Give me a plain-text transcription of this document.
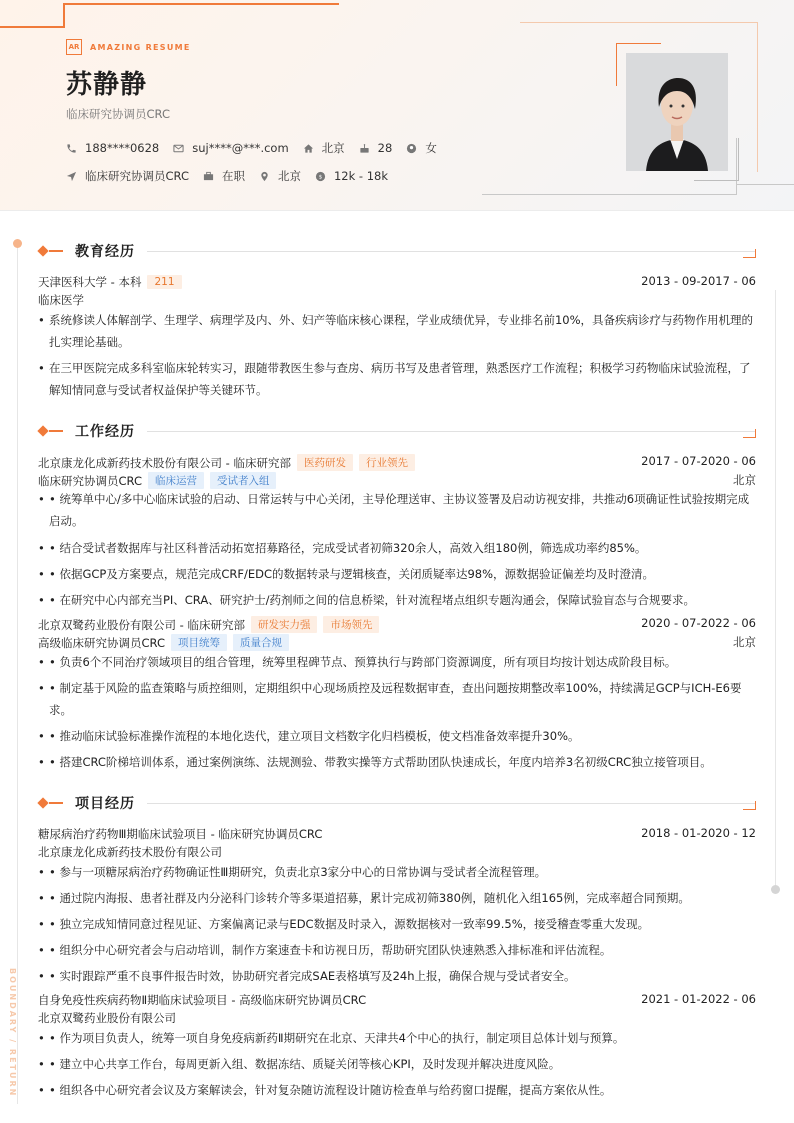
AR	AMAZING RESUME
苏静静
临床研究协调员CRC
188****0628	suj****@***.com	北京	28	女
临床研究协调员CRC	在职	北京 $ 12k - 18k
BOUNDARY / RETURN
教育经历
天津医科大学 - 本科	211	2013 - 09-2017 - 06
临床医学
• 系统修读人体解剖学、生理学、病理学及内、外、妇产等临床核心课程，学业成绩优异，专业排名前10%，具备疾病诊疗与药物作用机理的扎实理论基础。
• 在三甲医院完成多科室临床轮转实习，跟随带教医生参与查房、病历书写及患者管理，熟悉医疗工作流程；积极学习药物临床试验流程，了解知情同意与受试者权益保护等关键环节。
工作经历
北京康龙化成新药技术股份有限公司 - 临床研究部	医药研发	行业领先	2017 - 07-2020 - 06
临床研究协调员CRC	临床运营	受试者入组	北京
• • 统筹单中心/多中心临床试验的启动、日常运转与中心关闭，主导伦理送审、主协议签署及启动访视安排，共推动6项确证性试验按期完成启动。
• • 结合受试者数据库与社区科普活动拓宽招募路径，完成受试者初筛320余人，高效入组180例，筛选成功率约85%。
• • 依据GCP及方案要点，规范完成CRF/EDC的数据转录与逻辑核查，关闭质疑率达98%，源数据验证偏差均及时澄清。
• • 在研究中心内部充当PI、CRA、研究护士/药剂师之间的信息桥梁，针对流程堵点组织专题沟通会，保障试验盲态与合规要求。
北京双鹭药业股份有限公司 - 临床研究部	研发实力强	市场领先	2020 - 07-2022 - 06
高级临床研究协调员CRC	项目统筹	质量合规	北京
• • 负责6个不同治疗领域项目的组合管理，统筹里程碑节点、预算执行与跨部门资源调度，所有项目均按计划达成阶段目标。
• • 制定基于风险的监查策略与质控细则，定期组织中心现场质控及远程数据审查，查出问题按期整改率100%，持续满足GCP与ICH-E6要求。
• • 推动临床试验标准操作流程的本地化迭代，建立项目文档数字化归档模板，使文档准备效率提升30%。
• • 搭建CRC阶梯培训体系，通过案例演练、法规测验、带教实操等方式帮助团队快速成长，年度内培养3名初级CRC独立接管项目。
项目经历
糖尿病治疗药物Ⅲ期临床试验项目 - 临床研究协调员CRC	2018 - 01-2020 - 12
北京康龙化成新药技术股份有限公司
• • 参与一项糖尿病治疗药物确证性Ⅲ期研究，负责北京3家分中心的日常协调与受试者全流程管理。
• • 通过院内海报、患者社群及内分泌科门诊转介等多渠道招募，累计完成初筛380例，随机化入组165例，完成率超合同预期。
• • 独立完成知情同意过程见证、方案偏离记录与EDC数据及时录入，源数据核对一致率99.5%，接受稽查零重大发现。
• • 组织分中心研究者会与启动培训，制作方案速查卡和访视日历，帮助研究团队快速熟悉入排标准和评估流程。
• • 实时跟踪严重不良事件报告时效，协助研究者完成SAE表格填写及24h上报，确保合规与受试者安全。
自身免疫性疾病药物Ⅱ期临床试验项目 - 高级临床研究协调员CRC	2021 - 01-2022 - 06
北京双鹭药业股份有限公司
• • 作为项目负责人，统筹一项自身免疫病新药Ⅱ期研究在北京、天津共4个中心的执行，制定项目总体计划与预算。
• • 建立中心共享工作台，每周更新入组、数据冻结、质疑关闭等核心KPI，及时发现并解决进度风险。
• • 组织各中心研究者会议及方案解读会，针对复杂随访流程设计随访检查单与给药窗口提醒，提高方案依从性。
